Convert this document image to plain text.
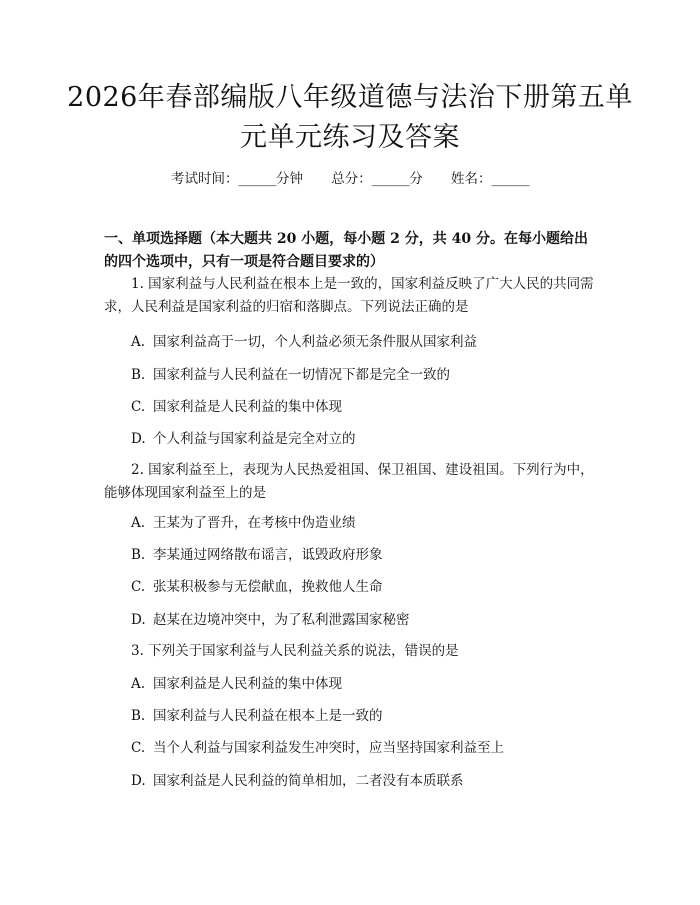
2026年春部编版八年级道德与法治下册第五单元单元练习及答案
考试时间：______分钟 总分：______分 姓名：______
一、单项选择题（本大题共 20 小题，每小题 2 分，共 40 分。在每小题给出的四个选项中，只有一项是符合题目要求的）
1. 国家利益与人民利益在根本上是一致的，国家利益反映了广大人民的共同需求，人民利益是国家利益的归宿和落脚点。下列说法正确的是
A. 国家利益高于一切，个人利益必须无条件服从国家利益
B. 国家利益与人民利益在一切情况下都是完全一致的
C. 国家利益是人民利益的集中体现
D. 个人利益与国家利益是完全对立的
2. 国家利益至上，表现为人民热爱祖国、保卫祖国、建设祖国。下列行为中，能够体现国家利益至上的是
A. 王某为了晋升，在考核中伪造业绩
B. 李某通过网络散布谣言，诋毁政府形象
C. 张某积极参与无偿献血，挽救他人生命
D. 赵某在边境冲突中，为了私利泄露国家秘密
3. 下列关于国家利益与人民利益关系的说法，错误的是
A. 国家利益是人民利益的集中体现
B. 国家利益与人民利益在根本上是一致的
C. 当个人利益与国家利益发生冲突时，应当坚持国家利益至上
D. 国家利益是人民利益的简单相加，二者没有本质联系
